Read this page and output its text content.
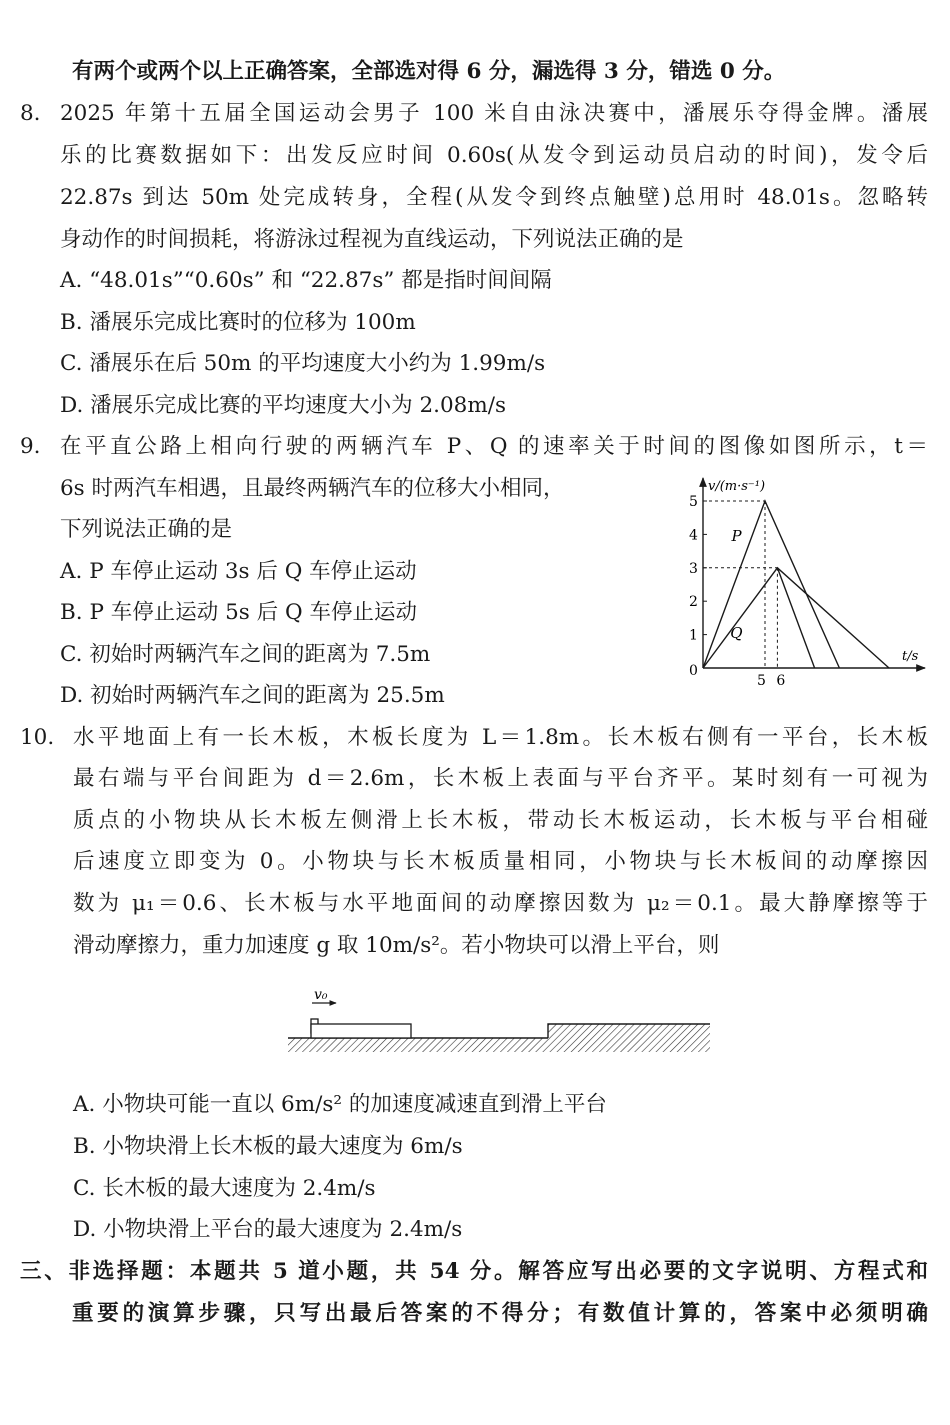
有两个或两个以上正确答案，全部选对得 6 分，漏选得 3 分，错选 0 分。
8. 2025 年第十五届全国运动会男子 100 米自由泳决赛中，潘展乐夺得金牌。潘展
乐的比赛数据如下：出发反应时间 0.60s(从发令到运动员启动的时间)，发令后
22.87s 到达 50m 处完成转身，全程(从发令到终点触壁)总用时 48.01s。忽略转
身动作的时间损耗，将游泳过程视为直线运动，下列说法正确的是
A. “48.01s”“0.60s” 和 “22.87s” 都是指时间间隔
B. 潘展乐完成比赛时的位移为 100m
C. 潘展乐在后 50m 的平均速度大小约为 1.99m/s
D. 潘展乐完成比赛的平均速度大小为 2.08m/s
9. 在平直公路上相向行驶的两辆汽车 P、Q 的速率关于时间的图像如图所示，t＝
6s 时两汽车相遇，且最终两辆汽车的位移大小相同，
下列说法正确的是
A. P 车停止运动 3s 后 Q 车停止运动
B. P 车停止运动 5s 后 Q 车停止运动
C. 初始时两辆汽车之间的距离为 7.5m
D. 初始时两辆汽车之间的距离为 25.5m
v/(m·s⁻¹)
t/s
0
1
2
3
4
5
5 6
P
Q
10. 水平地面上有一长木板，木板长度为 L＝1.8m。长木板右侧有一平台，长木板
最右端与平台间距为 d＝2.6m，长木板上表面与平台齐平。某时刻有一可视为
质点的小物块从长木板左侧滑上长木板，带动长木板运动，长木板与平台相碰
后速度立即变为 0。小物块与长木板质量相同，小物块与长木板间的动摩擦因
数为 μ₁＝0.6、长木板与水平地面间的动摩擦因数为 μ₂＝0.1。最大静摩擦等于
滑动摩擦力，重力加速度 g 取 10m/s²。若小物块可以滑上平台，则
v₀
A. 小物块可能一直以 6m/s² 的加速度减速直到滑上平台
B. 小物块滑上长木板的最大速度为 6m/s
C. 长木板的最大速度为 2.4m/s
D. 小物块滑上平台的最大速度为 2.4m/s
三、非选择题：本题共 5 道小题，共 54 分。解答应写出必要的文字说明、方程式和
重要的演算步骤，只写出最后答案的不得分；有数值计算的，答案中必须明确
